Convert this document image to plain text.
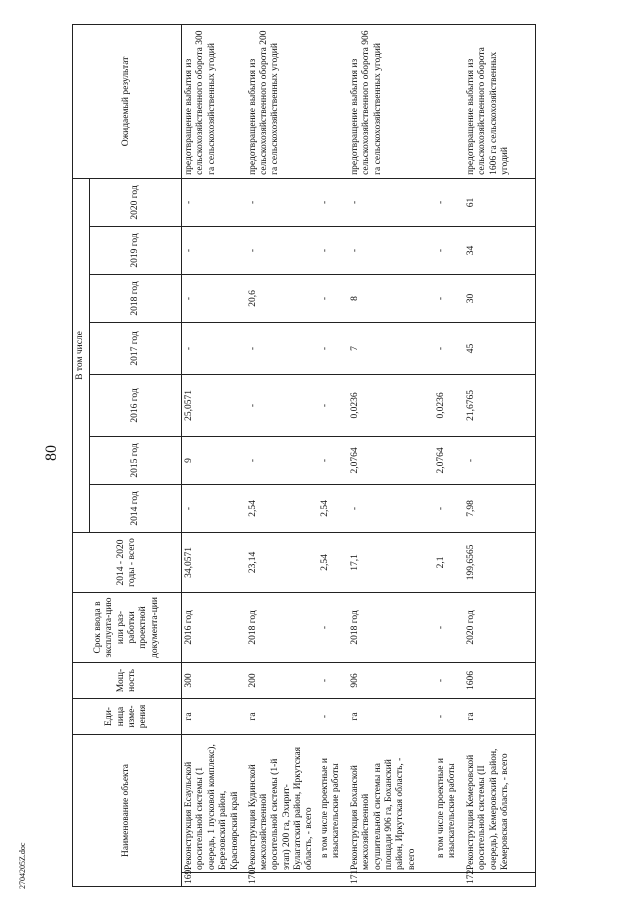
80
Наименование объекта		Еди-ница изме-рения	Мощ-ность	Срок ввода в эксплуата-цию или раз-работки проектной документа-ции	2014 - 2020 годы - всего	В том числе							Ожидаемый результат
						2014 год	2015 год	2016 год	2017 год	2018 год	2019 год	2020 год	
169.	Реконструкция Есаульской оросительной системы (1 очередь, 1 пусковой комплекс), Березовский район, Красноярский край	га	300	2016 год	34,0571	-	9	25,0571	-	-	-	-	предотвращение выбытия из сельскохозяйственного оборота 300 га сельскохозяйственных угодий
170.	Реконструкция Кудинской межхозяйственной оросительной системы (1-й этап) 200 га, Эхирит-Булагатский район, Иркутская область, - всего	га	200	2018 год	23,14	2,54	-	-	-	20,6	-	-	предотвращение выбытия из сельскохозяйственного оборота 200 га сельскохозяйственных угодий
	в том числе проектные и изыскательские работы	-	-	-	2,54	2,54	-	-	-	-	-	-	
171.	Реконструкция Боханской межхозяйственной осушительной системы на площади 906 га, Боханский район, Иркутская область, - всего	га	906	2018 год	17,1	-	2,0764	0,0236	7	8	-	-	предотвращение выбытия из сельскохозяйственного оборота 906 га сельскохозяйственных угодий
	в том числе проектные и изыскательские работы	-	-	-	2,1	-	2,0764	0,0236	-	-	-	-	
172.	Реконструкция Кемеровской оросительной системы (II очередь), Кемеровский район, Кемеровская область, - всего	га	1606	2020 год	199,6565	7,98	-	21,6765	45	30	34	61	предотвращение выбытия из сельскохозяйственного оборота 1606 га сельскохозяйственных угодий
2704205Z.doc
